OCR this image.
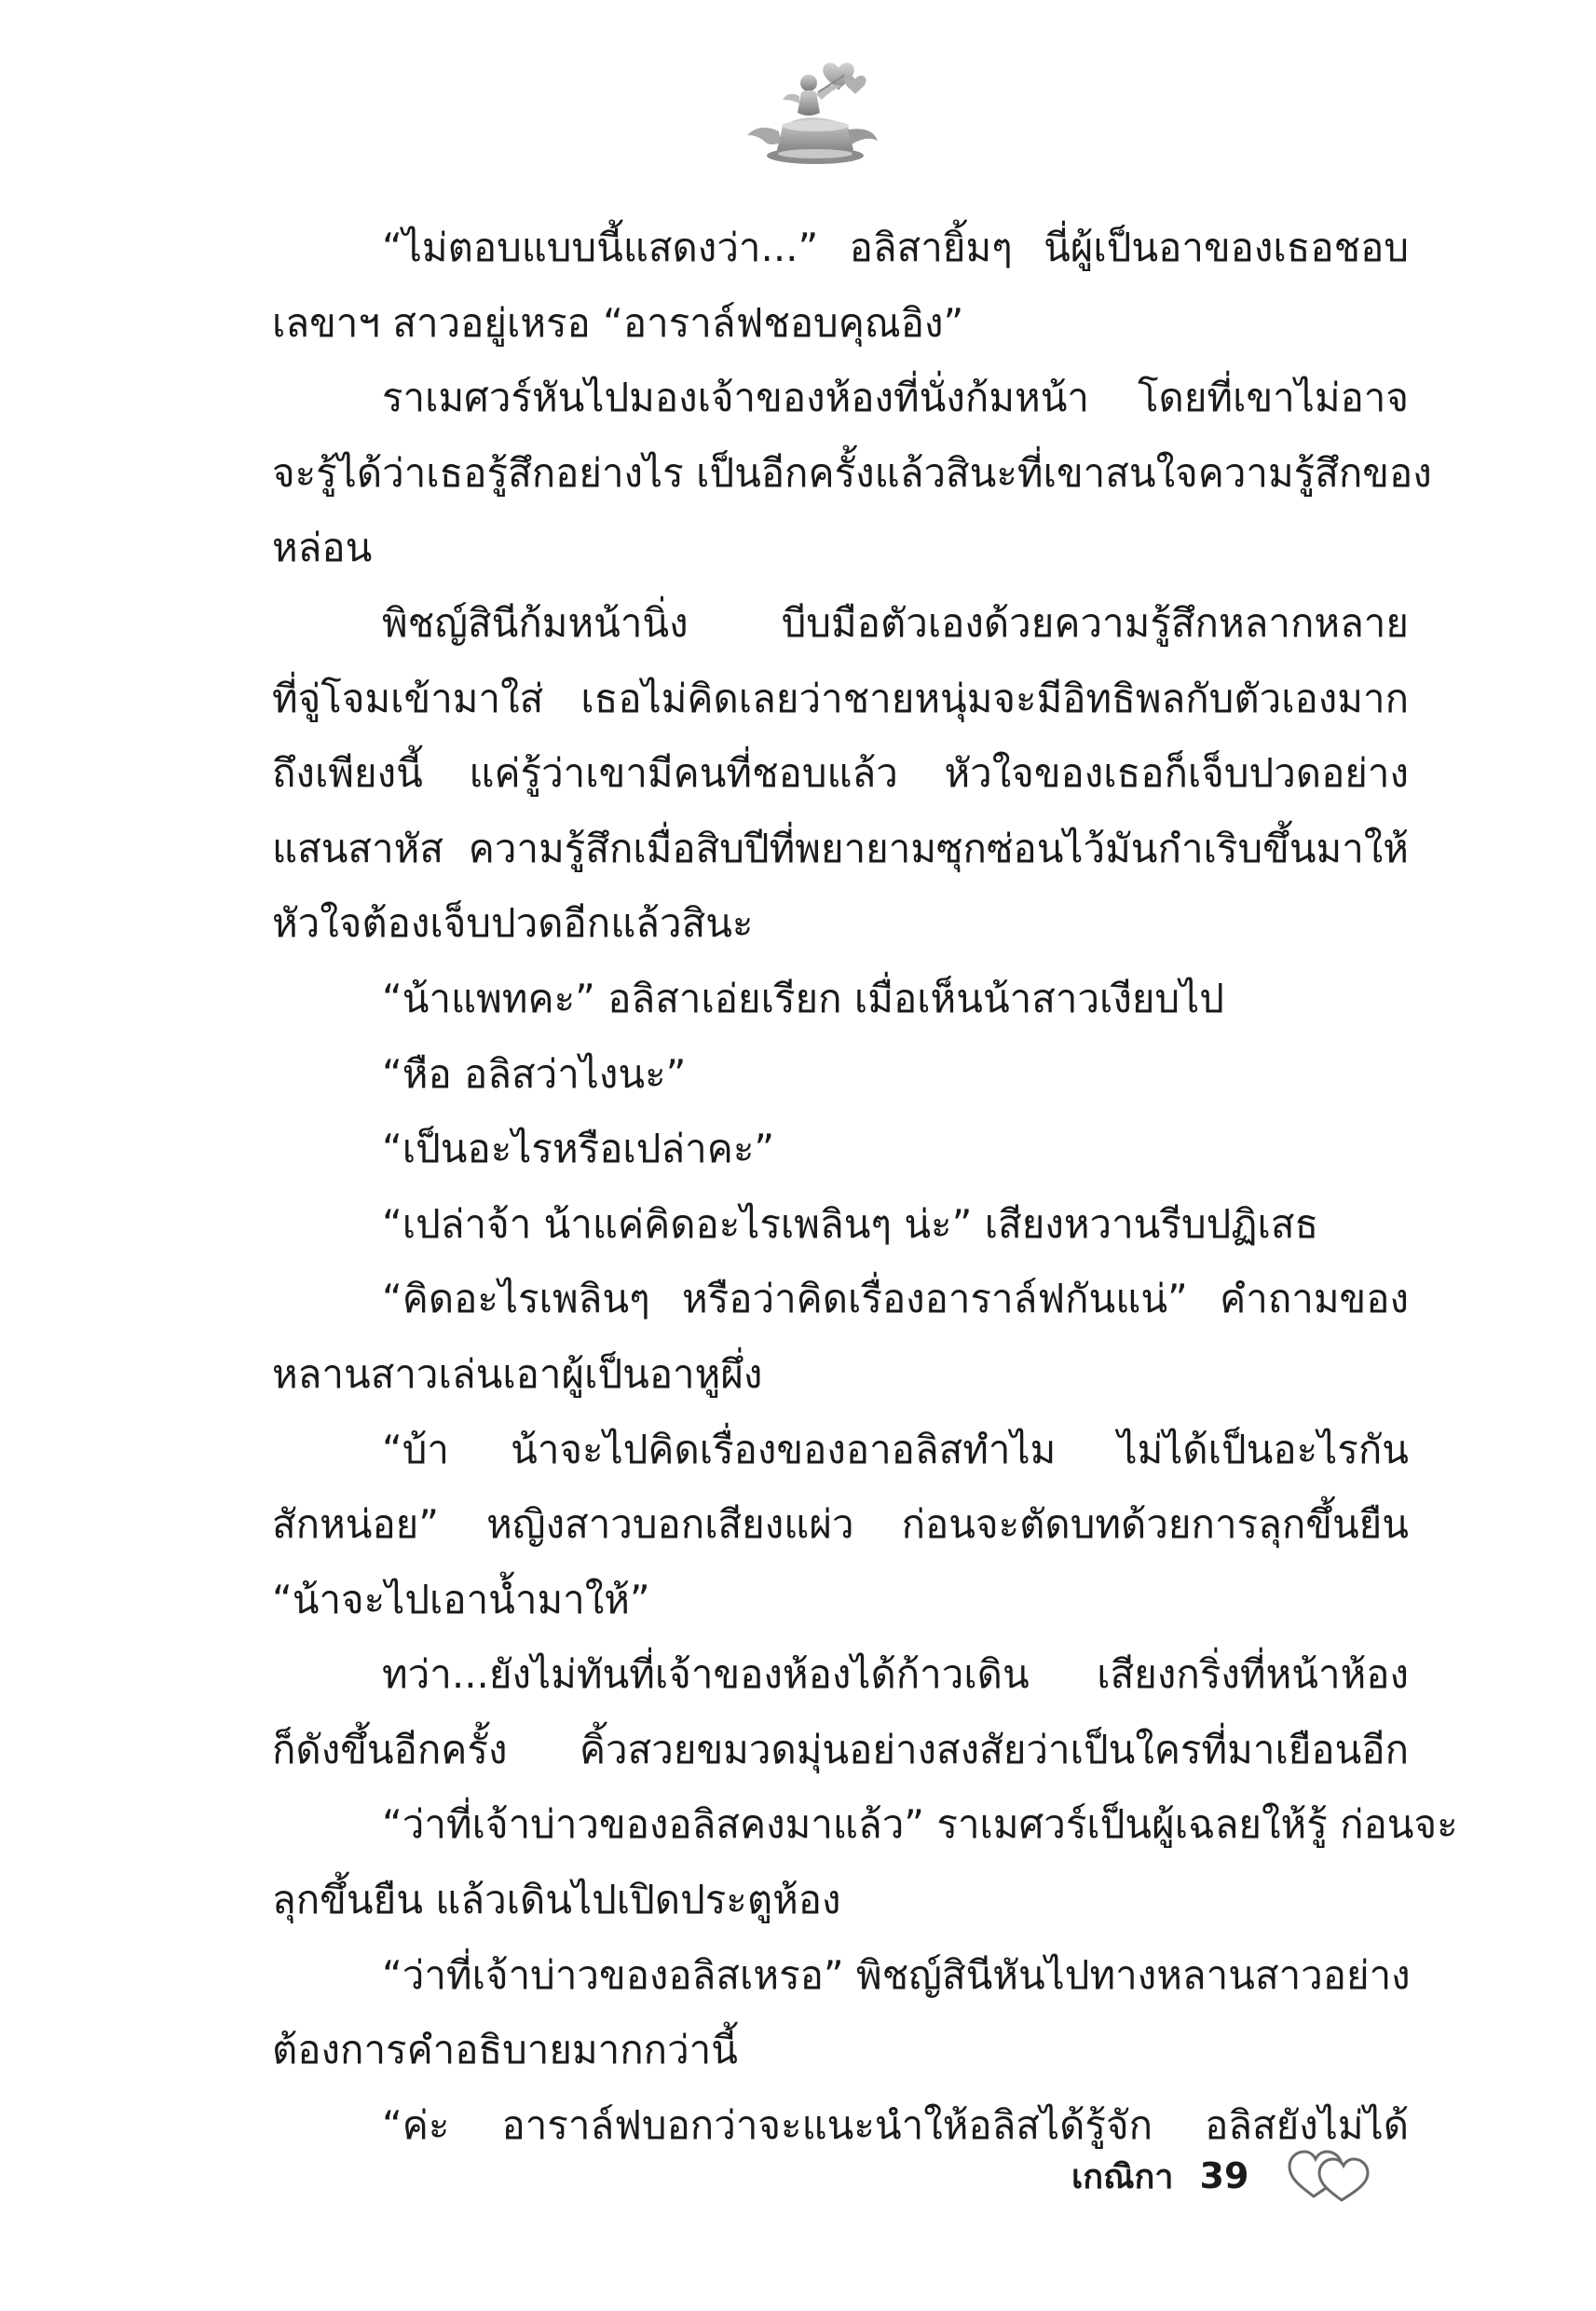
“ไม่ตอบแบบนี้แสดงว่า...” อลิสายิ้มๆ นี่ผู้เป็นอาของเธอชอบ
เลขาฯ สาวอยู่เหรอ “อาราล์ฟชอบคุณอิง”
ราเมศวร์หันไปมองเจ้าของห้องที่นั่งก้มหน้า โดยที่เขาไม่อาจ
จะรู้ได้ว่าเธอรู้สึกอย่างไร เป็นอีกครั้งแล้วสินะที่เขาสนใจความรู้สึกของ
หล่อน
พิชญ์สินีก้มหน้านิ่ง บีบมือตัวเองด้วยความรู้สึกหลากหลาย
ที่จู่โจมเข้ามาใส่ เธอไม่คิดเลยว่าชายหนุ่มจะมีอิทธิพลกับตัวเองมาก
ถึงเพียงนี้ แค่รู้ว่าเขามีคนที่ชอบแล้ว หัวใจของเธอก็เจ็บปวดอย่าง
แสนสาหัส ความรู้สึกเมื่อสิบปีที่พยายามซุกซ่อนไว้มันกำเริบขึ้นมาให้
หัวใจต้องเจ็บปวดอีกแล้วสินะ
“น้าแพทคะ” อลิสาเอ่ยเรียก เมื่อเห็นน้าสาวเงียบไป
“หือ อลิสว่าไงนะ”
“เป็นอะไรหรือเปล่าคะ”
“เปล่าจ้า น้าแค่คิดอะไรเพลินๆ น่ะ” เสียงหวานรีบปฏิเสธ
“คิดอะไรเพลินๆ หรือว่าคิดเรื่องอาราล์ฟกันแน่” คำถามของ
หลานสาวเล่นเอาผู้เป็นอาหูผึ่ง
“บ้า น้าจะไปคิดเรื่องของอาอลิสทำไม ไม่ได้เป็นอะไรกัน
สักหน่อย” หญิงสาวบอกเสียงแผ่ว ก่อนจะตัดบทด้วยการลุกขึ้นยืน
“น้าจะไปเอาน้ำมาให้”
ทว่า...ยังไม่ทันที่เจ้าของห้องได้ก้าวเดิน เสียงกริ่งที่หน้าห้อง
ก็ดังขึ้นอีกครั้ง คิ้วสวยขมวดมุ่นอย่างสงสัยว่าเป็นใครที่มาเยือนอีก
“ว่าที่เจ้าบ่าวของอลิสคงมาแล้ว” ราเมศวร์เป็นผู้เฉลยให้รู้ ก่อนจะ
ลุกขึ้นยืน แล้วเดินไปเปิดประตูห้อง
“ว่าที่เจ้าบ่าวของอลิสเหรอ” พิชญ์สินีหันไปทางหลานสาวอย่าง
ต้องการคำอธิบายมากกว่านี้
“ค่ะ อาราล์ฟบอกว่าจะแนะนำให้อลิสได้รู้จัก อลิสยังไม่ได้
เกณิกา 39
